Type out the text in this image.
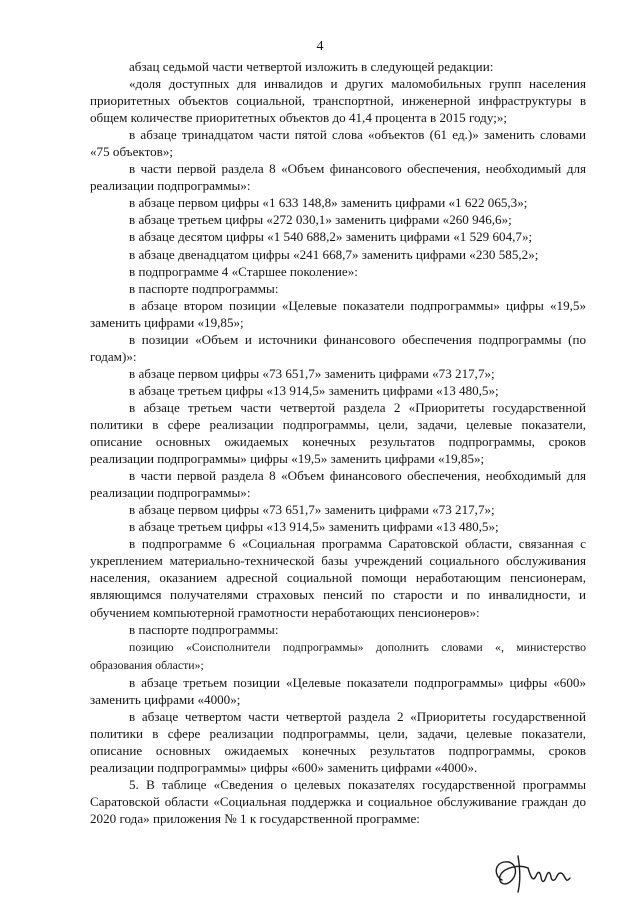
4

абзац седьмой части четвертой изложить в следующей редакции:

«доля доступных для инвалидов и других маломобильных групп населения приоритетных объектов социальной, транспортной, инженерной инфраструктуры в общем количестве приоритетных объектов до 41,4 процента в 2015 году;»;

в абзаце тринадцатом части пятой слова «объектов (61 ед.)» заменить словами «75 объектов»;

в части первой раздела 8 «Объем финансового обеспечения, необходимый для реализации подпрограммы»:

в абзаце первом цифры «1 633 148,8» заменить цифрами «1 622 065,3»;

в абзаце третьем цифры «272 030,1» заменить цифрами «260 946,6»;

в абзаце десятом цифры «1 540 688,2» заменить цифрами «1 529 604,7»;

в абзаце двенадцатом цифры «241 668,7» заменить цифрами «230 585,2»;

в подпрограмме 4 «Старшее поколение»:

в паспорте подпрограммы:

в абзаце втором позиции «Целевые показатели подпрограммы» цифры «19,5» заменить цифрами «19,85»;

в позиции «Объем и источники финансового обеспечения подпрограммы (по годам)»:

в абзаце первом цифры «73 651,7» заменить цифрами «73 217,7»;

в абзаце третьем цифры «13 914,5» заменить цифрами «13 480,5»;

в абзаце третьем части четвертой раздела 2 «Приоритеты государственной политики в сфере реализации подпрограммы, цели, задачи, целевые показатели, описание основных ожидаемых конечных результатов подпрограммы, сроков реализации подпрограммы» цифры «19,5» заменить цифрами «19,85»;

в части первой раздела 8 «Объем финансового обеспечения, необходимый для реализации подпрограммы»:

в абзаце первом цифры «73 651,7» заменить цифрами «73 217,7»;

в абзаце третьем цифры «13 914,5» заменить цифрами «13 480,5»;

в подпрограмме 6 «Социальная программа Саратовской области, связанная с укреплением материально-технической базы учреждений социального обслуживания населения, оказанием адресной социальной помощи неработающим пенсионерам, являющимся получателями страховых пенсий по старости и по инвалидности, и обучением компьютерной грамотности неработающих пенсионеров»:

в паспорте подпрограммы:

позицию «Соисполнители подпрограммы» дополнить словами «, министерство образования области»;

в абзаце третьем позиции «Целевые показатели подпрограммы» цифры «600» заменить цифрами «4000»;

в абзаце четвертом части четвертой раздела 2 «Приоритеты государственной политики в сфере реализации подпрограммы, цели, задачи, целевые показатели, описание основных ожидаемых конечных результатов подпрограммы, сроков реализации подпрограммы» цифры «600» заменить цифрами «4000».

5. В таблице «Сведения о целевых показателях государственной программы Саратовской области «Социальная поддержка и социальное обслуживание граждан до 2020 года» приложения № 1 к государственной программе:
